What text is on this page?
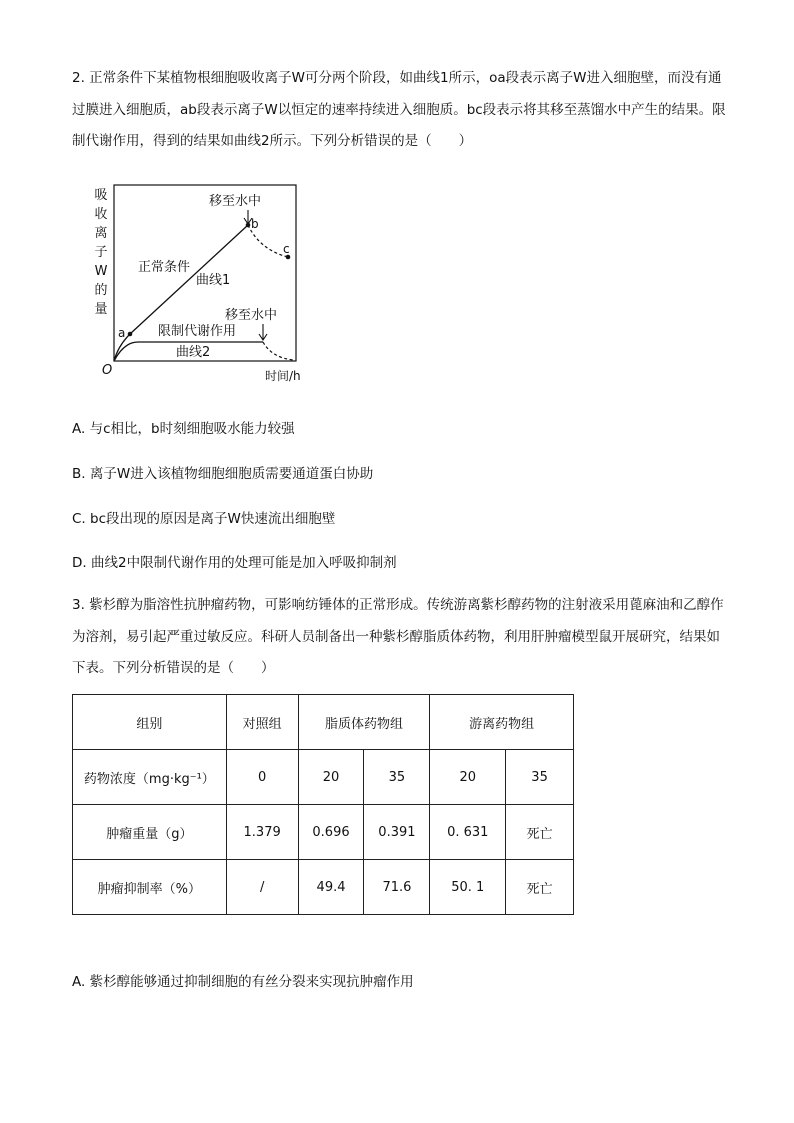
2. 正常条件下某植物根细胞吸收离子W可分两个阶段，如曲线1所示，oa段表示离子W进入细胞壁，而没有通过膜进入细胞质，ab段表示离子W以恒定的速率持续进入细胞质。bc段表示将其移至蒸馏水中产生的结果。限制代谢作用，得到的结果如曲线2所示。下列分析错误的是（　　）

吸
收
离
子
W
的
量
O	时间/h
a
b
c
移至水中
正常条件
曲线1
移至水中
限制代谢作用
曲线2

A. 与c相比，b时刻细胞吸水能力较强

B. 离子W进入该植物细胞细胞质需要通道蛋白协助

C. bc段出现的原因是离子W快速流出细胞壁

D. 曲线2中限制代谢作用的处理可能是加入呼吸抑制剂

3. 紫杉醇为脂溶性抗肿瘤药物，可影响纺锤体的正常形成。传统游离紫杉醇药物的注射液采用蓖麻油和乙醇作为溶剂，易引起严重过敏反应。科研人员制备出一种紫杉醇脂质体药物，利用肝肿瘤模型鼠开展研究，结果如下表。下列分析错误的是（　　）

组别	对照组	脂质体药物组		游离药物组	
药物浓度（mg·kg⁻¹）	0	20	35	20	35
肿瘤重量（g）	1.379	0.696	0.391	0. 631	死亡
肿瘤抑制率（%）	/	49.4	71.6	50. 1	死亡

A. 紫杉醇能够通过抑制细胞的有丝分裂来实现抗肿瘤作用
